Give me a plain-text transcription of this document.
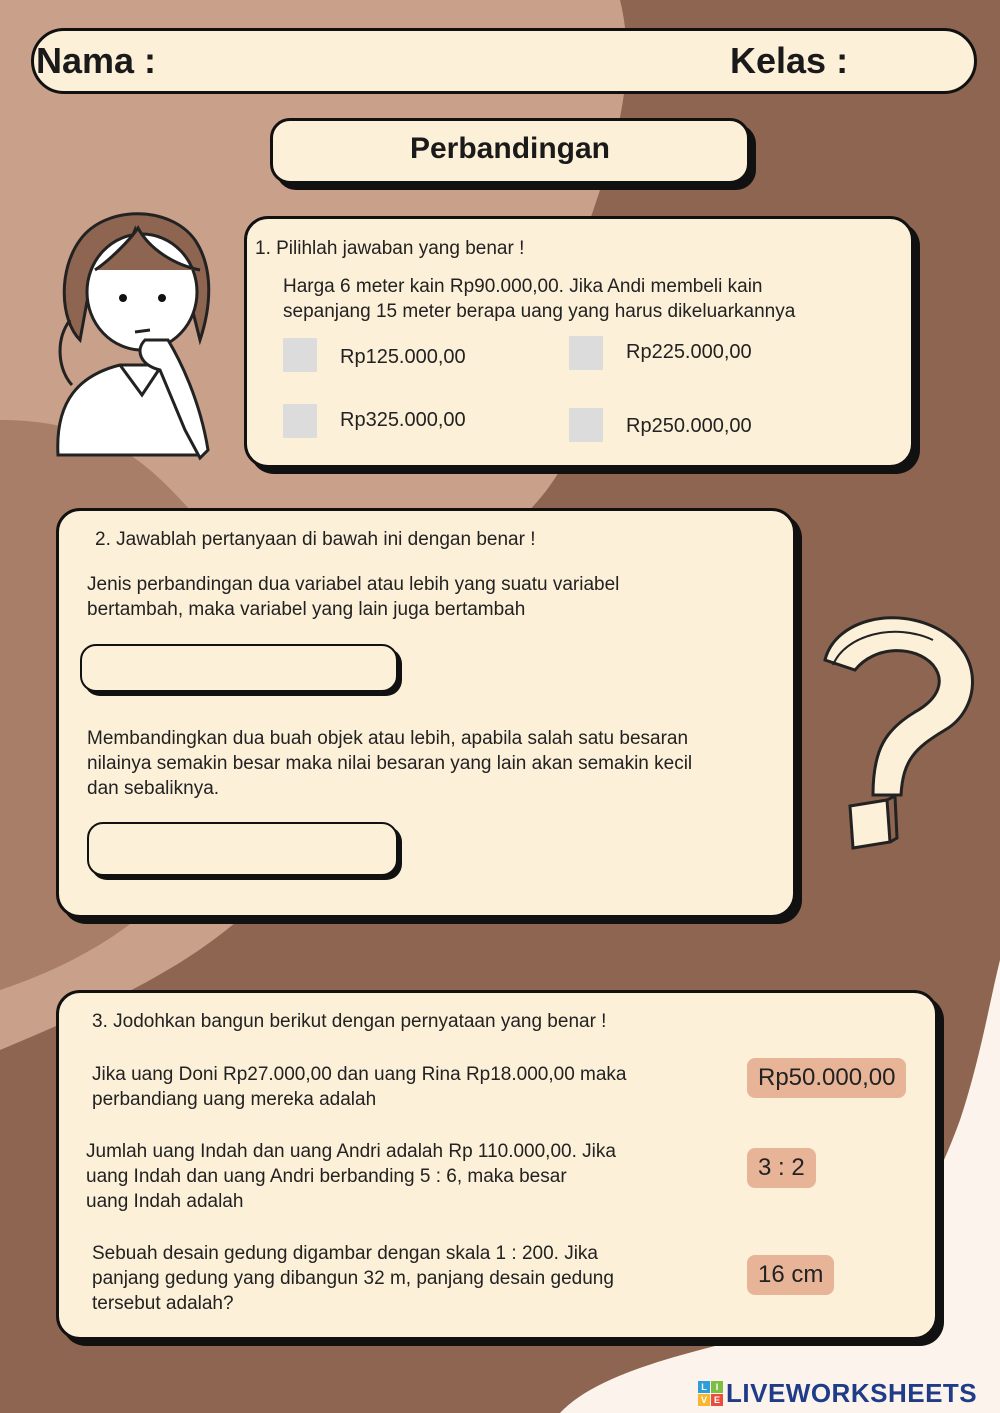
Nama :	Kelas :
Perbandingan
1. Pilihlah jawaban yang benar !
Harga 6 meter kain Rp90.000,00. Jika Andi membeli kain
sepanjang 15 meter berapa uang yang harus dikeluarkannya
Rp125.000,00	Rp225.000,00
Rp325.000,00	Rp250.000,00
2. Jawablah pertanyaan di bawah ini dengan benar !
Jenis perbandingan dua variabel atau lebih yang suatu variabel
bertambah, maka variabel yang lain juga bertambah
Membandingkan dua buah objek atau lebih, apabila salah satu besaran
nilainya semakin besar maka nilai besaran yang lain akan semakin kecil
dan sebaliknya.
3. Jodohkan bangun berikut dengan pernyataan yang benar !
Jika uang Doni Rp27.000,00 dan uang Rina Rp18.000,00 maka
perbandiang uang mereka adalah
Jumlah uang Indah dan uang Andri adalah Rp 110.000,00. Jika
uang Indah dan uang Andri berbanding 5 : 6, maka besar
uang Indah adalah
Sebuah desain gedung digambar dengan skala 1 : 200. Jika
panjang gedung yang dibangun 32 m, panjang desain gedung
tersebut adalah?
Rp50.000,00
3 : 2
16 cm
L I
V E LIVEWORKSHEETS
